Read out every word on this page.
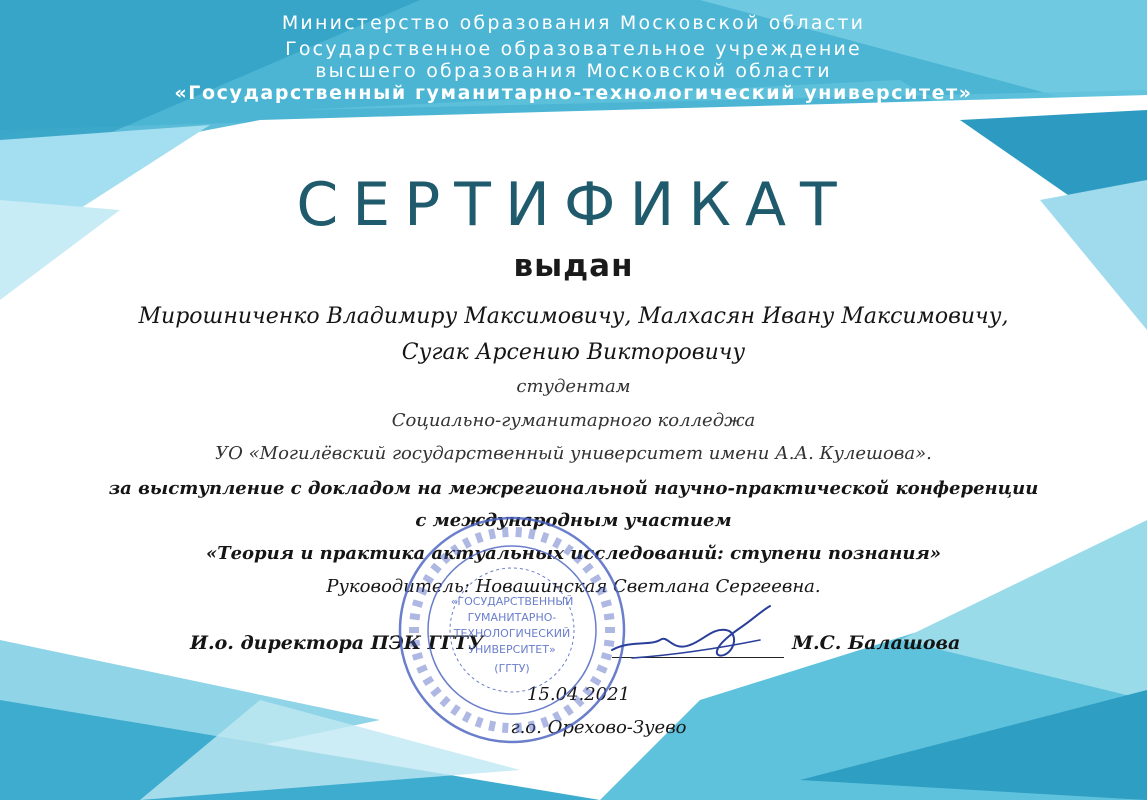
Министерство образования Московской области
Государственное образовательное учреждение
высшего образования Московской области
«Государственный гуманитарно-технологический университет»
СЕРТИФИКАТ
выдан
Мирошниченко Владимиру Максимовичу, Малхасян Ивану Максимовичу,
Сугак Арсению Викторовичу
студентам
Социально-гуманитарного колледжа
УО «Могилёвский государственный университет имени А.А. Кулешова».
за выступление с докладом на межрегиональной научно-практической конференции
с международным участием
«Теория и практика актуальных исследований: ступени познания»
Руководитель: Новашинская Светлана Сергеевна.
И.о. директора ПЭК ГГТУ	М.С. Балашова
15.04.2021
г.о. Орехово-Зуево
«ГОСУДАРСТВЕННЫЙ
ГУМАНИТАРНО-
ТЕХНОЛОГИЧЕСКИЙ
УНИВЕРСИТЕТ»
(ГГТУ)
